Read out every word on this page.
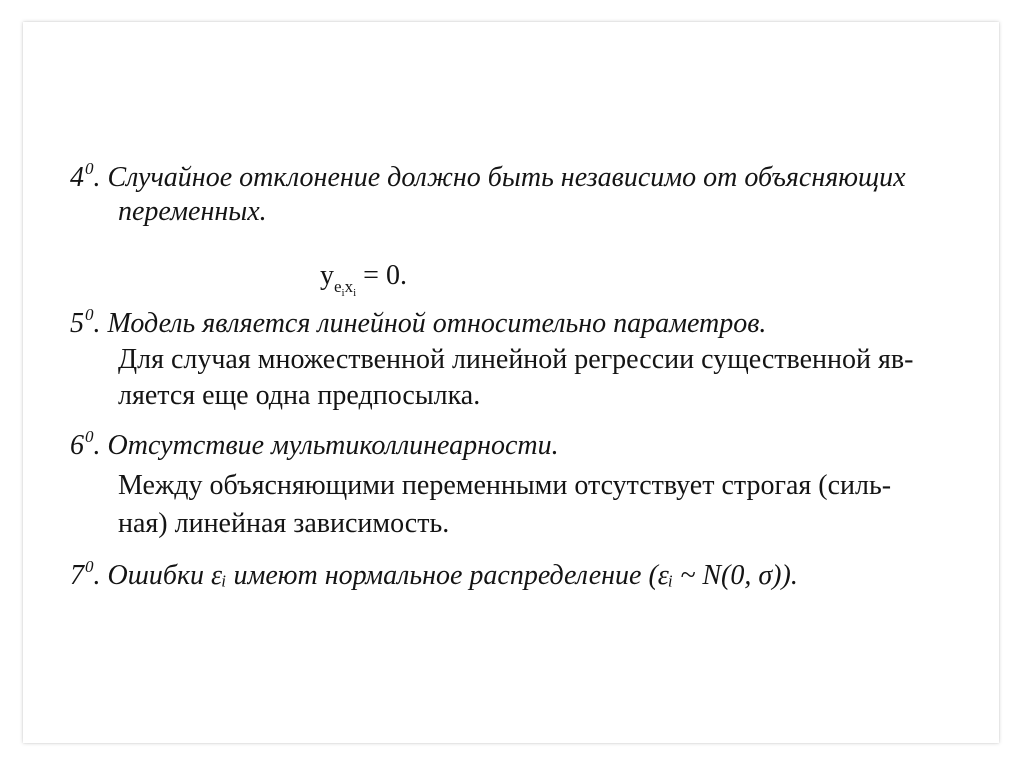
$4^0$. Случайное отклонение должно быть независимо от объясняющих
переменных.
$y_{eixi} = 0$.
$5^0$. Модель является линейной относительно параметров.
Для случая множественной линейной регрессии существенной яв-
ляется еще одна предпосылка.
$6^0$. Отсутствие мультиколлинеарности.
Между объясняющими переменными отсутствует строгая (силь-
ная) линейная зависимость.
$7^0$. Ошибки εᵢ имеют нормальное распределение (εᵢ ~ N(0, σ)).
